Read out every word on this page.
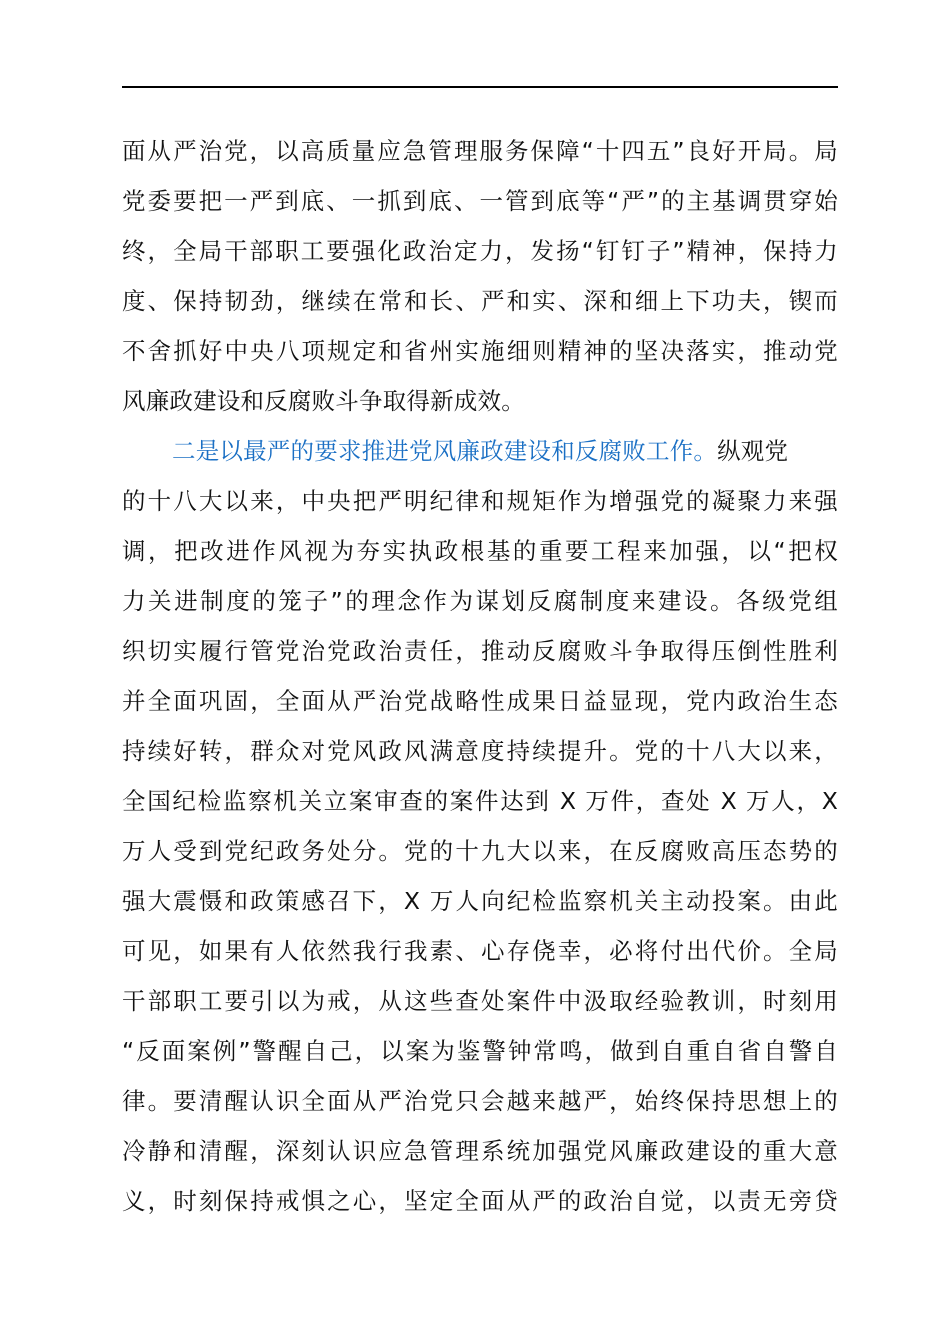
面从严治党，以高质量应急管理服务保障“十四五”良好开局。局
党委要把一严到底、一抓到底、一管到底等“严”的主基调贯穿始
终，全局干部职工要强化政治定力，发扬“钉钉子”精神，保持力
度、保持韧劲，继续在常和长、严和实、深和细上下功夫，锲而
不舍抓好中央八项规定和省州实施细则精神的坚决落实，推动党
风廉政建设和反腐败斗争取得新成效。
二是以最严的要求推进党风廉政建设和反腐败工作。纵观党
的十八大以来，中央把严明纪律和规矩作为增强党的凝聚力来强
调，把改进作风视为夯实执政根基的重要工程来加强，以“把权
力关进制度的笼子”的理念作为谋划反腐制度来建设。各级党组
织切实履行管党治党政治责任，推动反腐败斗争取得压倒性胜利
并全面巩固，全面从严治党战略性成果日益显现，党内政治生态
持续好转，群众对党风政风满意度持续提升。党的十八大以来，
全国纪检监察机关立案审查的案件达到 X 万件，查处 X 万人，X
万人受到党纪政务处分。党的十九大以来，在反腐败高压态势的
强大震慑和政策感召下，X 万人向纪检监察机关主动投案。由此
可见，如果有人依然我行我素、心存侥幸，必将付出代价。全局
干部职工要引以为戒，从这些查处案件中汲取经验教训，时刻用
“反面案例”警醒自己，以案为鉴警钟常鸣，做到自重自省自警自
律。要清醒认识全面从严治党只会越来越严，始终保持思想上的
冷静和清醒，深刻认识应急管理系统加强党风廉政建设的重大意
义，时刻保持戒惧之心，坚定全面从严的政治自觉，以责无旁贷
